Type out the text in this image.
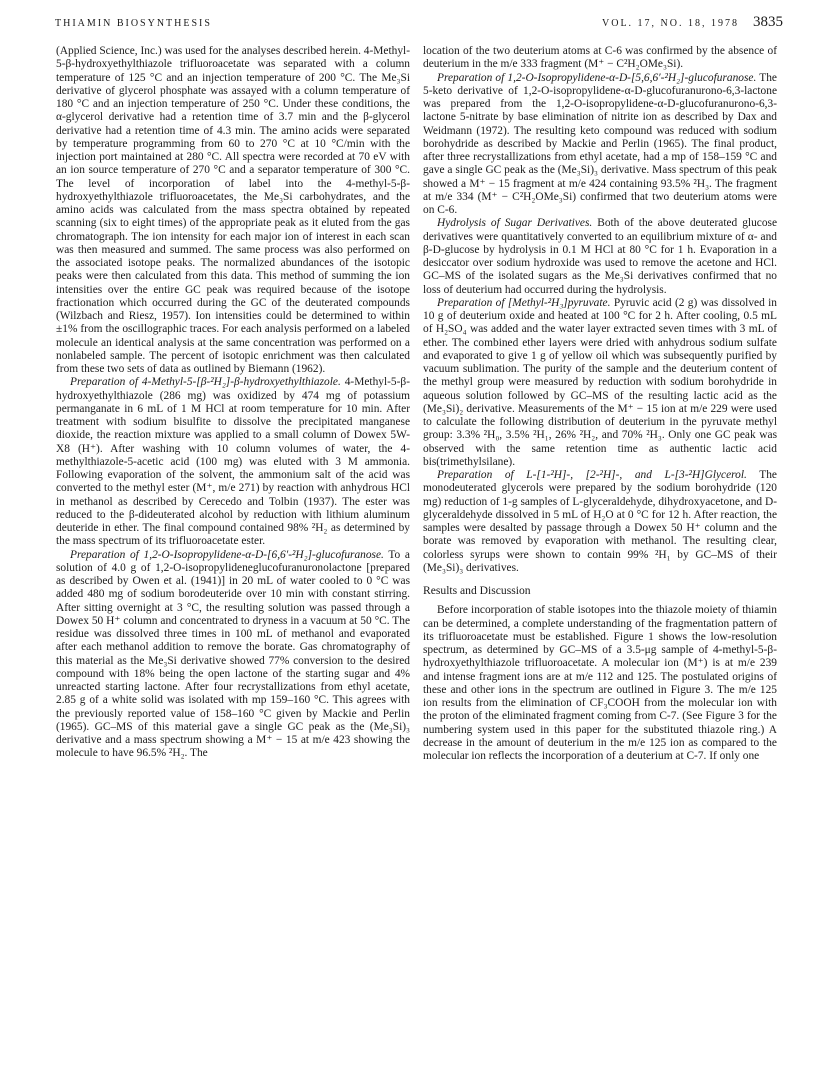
THIAMIN BIOSYNTHESIS	VOL. 17, NO. 18, 1978 3835

(Applied Science, Inc.) was used for the analyses described herein. 4-Methyl-5-β-hydroxyethylthiazole trifluoroacetate was separated with a column temperature of 125 °C and an injection temperature of 200 °C. The Me₃Si derivative of glycerol phosphate was assayed with a column temperature of 180 °C and an injection temperature of 250 °C. Under these conditions, the α-glycerol derivative had a retention time of 3.7 min and the β-glycerol derivative had a retention time of 4.3 min. The amino acids were separated by temperature programming from 60 to 270 °C at 10 °C/min with the injection port maintained at 280 °C. All spectra were recorded at 70 eV with an ion source temperature of 270 °C and a separator temperature of 300 °C. The level of incorporation of label into the 4-methyl-5-β-hydroxyethylthiazole trifluoroacetates, the Me₃Si carbohydrates, and the amino acids was calculated from the mass spectra obtained by repeated scanning (six to eight times) of the appropriate peak as it eluted from the gas chromatograph. The ion intensity for each major ion of interest in each scan was then measured and summed. The same process was also performed on the associated isotope peaks. The normalized abundances of the isotopic peaks were then calculated from this data. This method of summing the ion intensities over the entire GC peak was required because of the isotope fractionation which occurred during the GC of the deuterated compounds (Wilzbach and Riesz, 1957). Ion intensities could be determined to within ±1% from the oscillographic traces. For each analysis performed on a labeled molecule an identical analysis at the same concentration was performed on a nonlabeled sample. The percent of isotopic enrichment was then calculated from these two sets of data as outlined by Biemann (1962).

Preparation of 4-Methyl-5-[β-²H₂]-β-hydroxyethylthiazole. 4-Methyl-5-β-hydroxyethylthiazole (286 mg) was oxidized by 474 mg of potassium permanganate in 6 mL of 1 M HCl at room temperature for 10 min. After treatment with sodium bisulfite to dissolve the precipitated manganese dioxide, the reaction mixture was applied to a small column of Dowex 5W-X8 (H⁺). After washing with 10 column volumes of water, the 4-methylthiazole-5-acetic acid (100 mg) was eluted with 3 M ammonia. Following evaporation of the solvent, the ammonium salt of the acid was converted to the methyl ester (M⁺, m/e 271) by reaction with anhydrous HCl in methanol as described by Cerecedo and Tolbin (1937). The ester was reduced to the β-dideuterated alcohol by reduction with lithium aluminum deuteride in ether. The final compound contained 98% ²H₂ as determined by the mass spectrum of its trifluoroacetate ester.

Preparation of 1,2-O-Isopropylidene-α-D-[6,6′-²H₂]-glucofuranose. To a solution of 4.0 g of 1,2-O-isopropylideneglucofuranuronolactone [prepared as described by Owen et al. (1941)] in 20 mL of water cooled to 0 °C was added 480 mg of sodium borodeuteride over 10 min with constant stirring. After sitting overnight at 3 °C, the resulting solution was passed through a Dowex 50 H⁺ column and concentrated to dryness in a vacuum at 50 °C. The residue was dissolved three times in 100 mL of methanol and evaporated after each methanol addition to remove the borate. Gas chromatography of this material as the Me₃Si derivative showed 77% conversion to the desired compound with 18% being the open lactone of the starting sugar and 4% unreacted starting lactone. After four recrystallizations from ethyl acetate, 2.85 g of a white solid was isolated with mp 159–160 °C. This agrees with the previously reported value of 158–160 °C given by Mackie and Perlin (1965). GC–MS of this material gave a single GC peak as the (Me₃Si)₃ derivative and a mass spectrum showing a M⁺ − 15 at m/e 423 showing the molecule to have 96.5% ²H₂. The

location of the two deuterium atoms at C-6 was confirmed by the absence of deuterium in the m/e 333 fragment (M⁺ − C²H₂OMe₃Si).

Preparation of 1,2-O-Isopropylidene-α-D-[5,6,6′-²H₂]-glucofuranose. The 5-keto derivative of 1,2-O-isopropylidene-α-D-glucofuranurono-6,3-lactone was prepared from the 1,2-O-isopropylidene-α-D-glucofuranurono-6,3-lactone 5-nitrate by base elimination of nitrite ion as described by Dax and Weidmann (1972). The resulting keto compound was reduced with sodium borohydride as described by Mackie and Perlin (1965). The final product, after three recrystallizations from ethyl acetate, had a mp of 158–159 °C and gave a single GC peak as the (Me₃Si)₃ derivative. Mass spectrum of this peak showed a M⁺ − 15 fragment at m/e 424 containing 93.5% ²H₃. The fragment at m/e 334 (M⁺ − C²H₂OMe₃Si) confirmed that two deuterium atoms were on C-6.

Hydrolysis of Sugar Derivatives. Both of the above deuterated glucose derivatives were quantitatively converted to an equilibrium mixture of α- and β-D-glucose by hydrolysis in 0.1 M HCl at 80 °C for 1 h. Evaporation in a desiccator over sodium hydroxide was used to remove the acetone and HCl. GC–MS of the isolated sugars as the Me₃Si derivatives confirmed that no loss of deuterium had occurred during the hydrolysis.

Preparation of [Methyl-²H₃]pyruvate. Pyruvic acid (2 g) was dissolved in 10 g of deuterium oxide and heated at 100 °C for 2 h. After cooling, 0.5 mL of H₂SO₄ was added and the water layer extracted seven times with 3 mL of ether. The combined ether layers were dried with anhydrous sodium sulfate and evaporated to give 1 g of yellow oil which was subsequently purified by vacuum sublimation. The purity of the sample and the deuterium content of the methyl group were measured by reduction with sodium borohydride in aqueous solution followed by GC–MS of the resulting lactic acid as the (Me₃Si)₂ derivative. Measurements of the M⁺ − 15 ion at m/e 229 were used to calculate the following distribution of deuterium in the pyruvate methyl group: 3.3% ²H₀, 3.5% ²H₁, 26% ²H₂, and 70% ²H₃. Only one GC peak was observed with the same retention time as authentic lactic acid bis(trimethylsilane).

Preparation of L-[1-²H]-, [2-²H]-, and L-[3-²H]Glycerol. The monodeuterated glycerols were prepared by the sodium borohydride (120 mg) reduction of 1-g samples of L-glyceraldehyde, dihydroxyacetone, and D-glyceraldehyde dissolved in 5 mL of H₂O at 0 °C for 12 h. After reaction, the samples were desalted by passage through a Dowex 50 H⁺ column and the borate was removed by evaporation with methanol. The resulting clear, colorless syrups were shown to contain 99% ²H₁ by GC–MS of their (Me₃Si)₃ derivatives.

Results and Discussion

Before incorporation of stable isotopes into the thiazole moiety of thiamin can be determined, a complete understanding of the fragmentation pattern of its trifluoroacetate must be established. Figure 1 shows the low-resolution spectrum, as determined by GC–MS of a 3.5-μg sample of 4-methyl-5-β-hydroxyethylthiazole trifluoroacetate. A molecular ion (M⁺) is at m/e 239 and intense fragment ions are at m/e 112 and 125. The postulated origins of these and other ions in the spectrum are outlined in Figure 3. The m/e 125 ion results from the elimination of CF₃COOH from the molecular ion with the proton of the eliminated fragment coming from C-7. (See Figure 3 for the numbering system used in this paper for the substituted thiazole ring.) A decrease in the amount of deuterium in the m/e 125 ion as compared to the molecular ion reflects the incorporation of a deuterium at C-7. If only one
